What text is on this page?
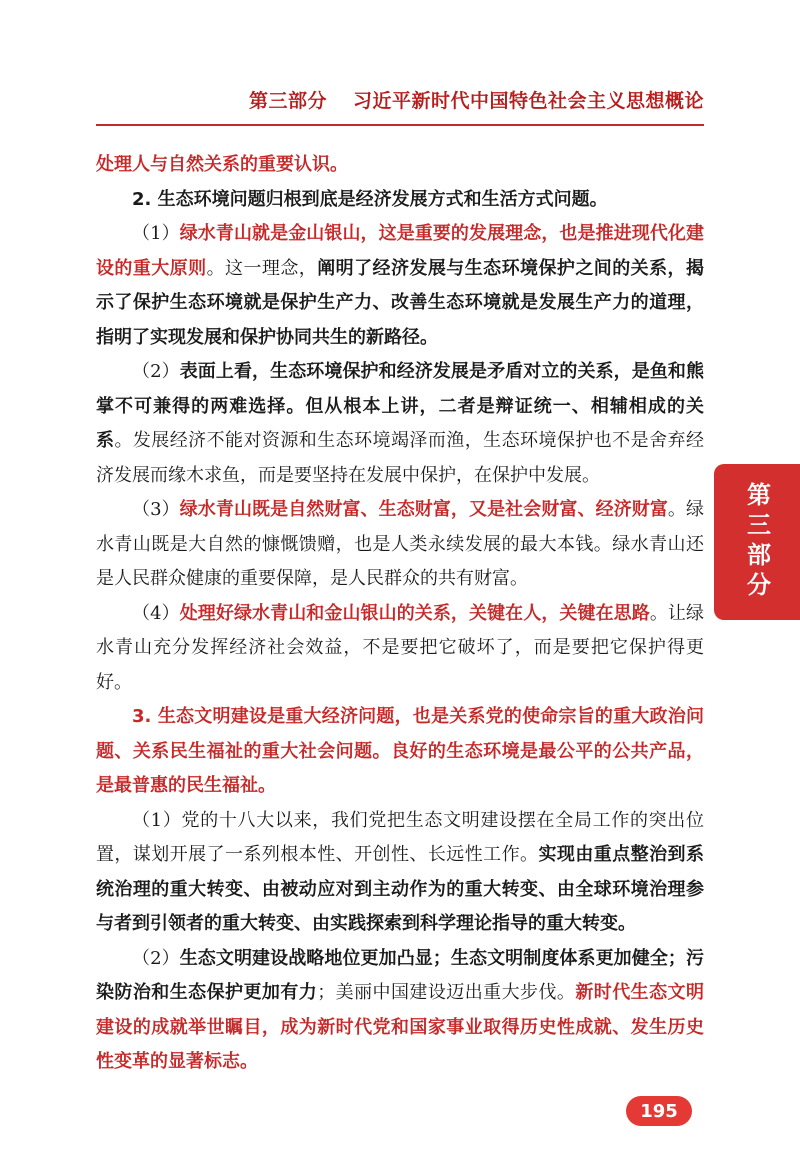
第三部分 习近平新时代中国特色社会主义思想概论

处理人与自然关系的重要认识。

2. 生态环境问题归根到底是经济发展方式和生活方式问题。

（1）绿水青山就是金山银山，这是重要的发展理念，也是推进现代化建设的重大原则。这一理念，阐明了经济发展与生态环境保护之间的关系，揭示了保护生态环境就是保护生产力、改善生态环境就是发展生产力的道理，指明了实现发展和保护协同共生的新路径。

（2）表面上看，生态环境保护和经济发展是矛盾对立的关系，是鱼和熊掌不可兼得的两难选择。但从根本上讲，二者是辩证统一、相辅相成的关系。发展经济不能对资源和生态环境竭泽而渔，生态环境保护也不是舍弃经济发展而缘木求鱼，而是要坚持在发展中保护，在保护中发展。

（3）绿水青山既是自然财富、生态财富，又是社会财富、经济财富。绿水青山既是大自然的慷慨馈赠，也是人类永续发展的最大本钱。绿水青山还是人民群众健康的重要保障，是人民群众的共有财富。

（4）处理好绿水青山和金山银山的关系，关键在人，关键在思路。让绿水青山充分发挥经济社会效益，不是要把它破坏了，而是要把它保护得更好。

3. 生态文明建设是重大经济问题，也是关系党的使命宗旨的重大政治问题、关系民生福祉的重大社会问题。良好的生态环境是最公平的公共产品，是最普惠的民生福祉。

（1）党的十八大以来，我们党把生态文明建设摆在全局工作的突出位置，谋划开展了一系列根本性、开创性、长远性工作。实现由重点整治到系统治理的重大转变、由被动应对到主动作为的重大转变、由全球环境治理参与者到引领者的重大转变、由实践探索到科学理论指导的重大转变。

（2）生态文明建设战略地位更加凸显；生态文明制度体系更加健全；污染防治和生态保护更加有力；美丽中国建设迈出重大步伐。新时代生态文明建设的成就举世瞩目，成为新时代党和国家事业取得历史性成就、发生历史性变革的显著标志。

第三部分
195
